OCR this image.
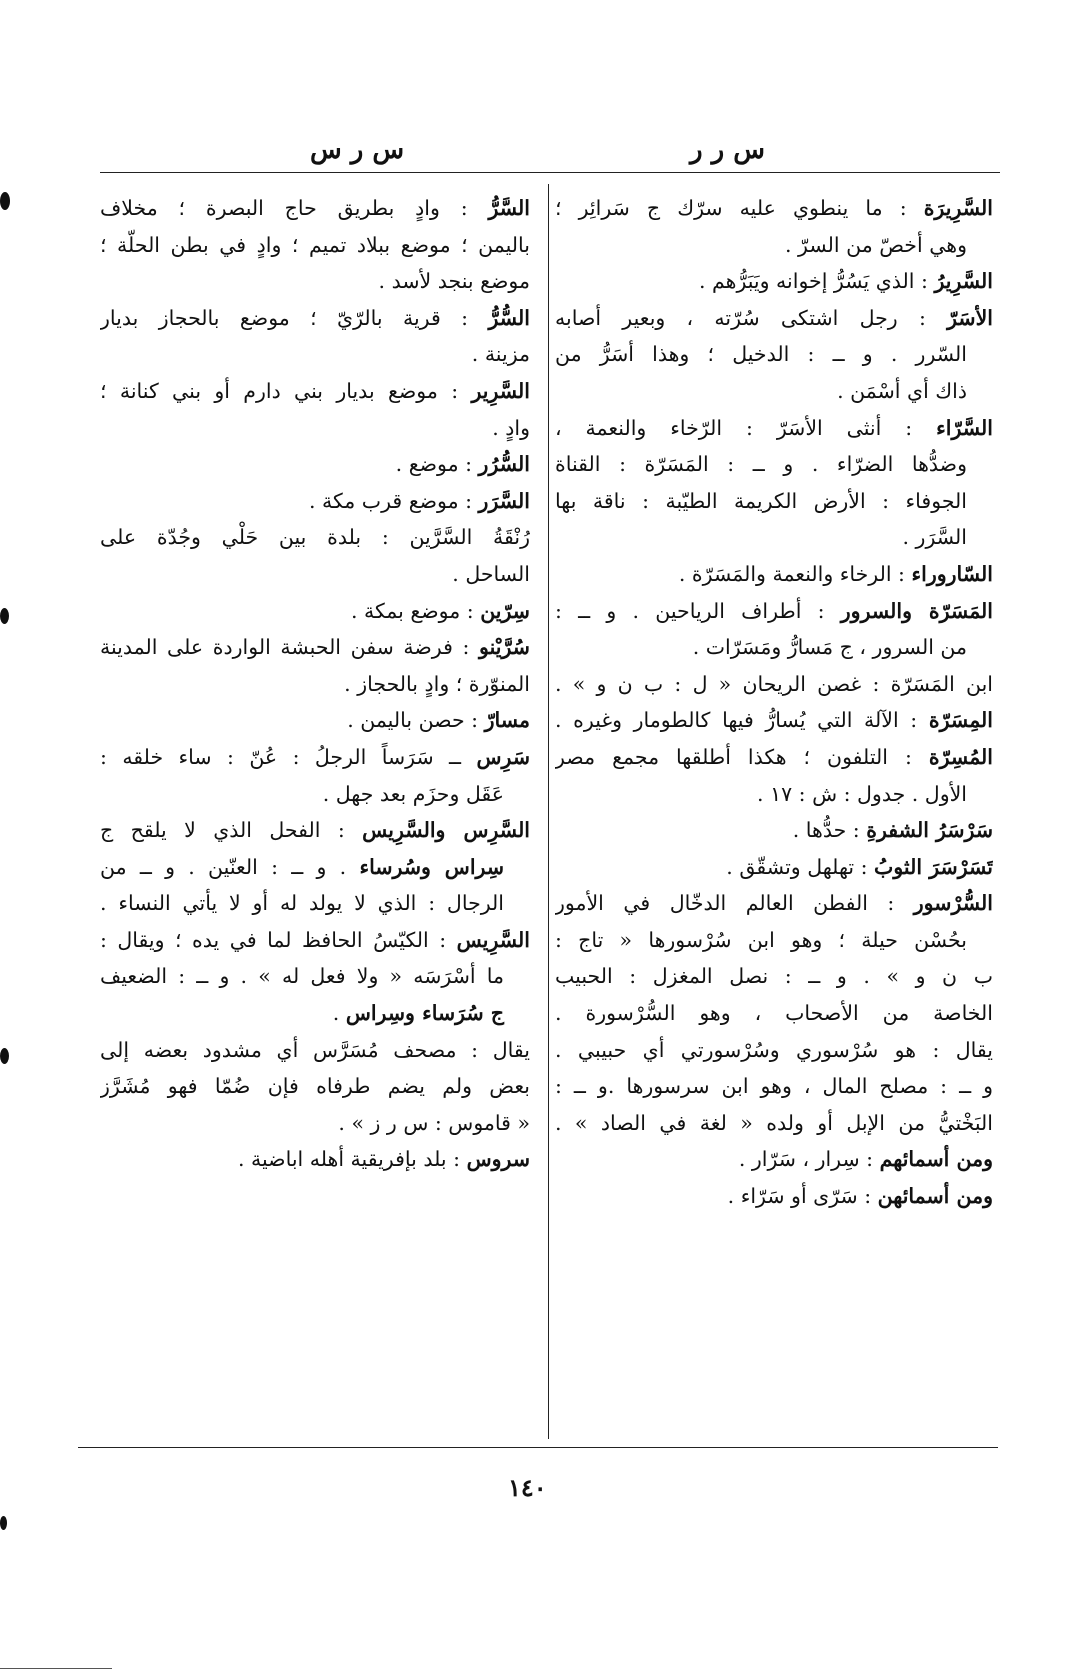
س ر س	س ر ر
السَّرِيرَة : ما ينطوي عليه سرّك ج سَرائِر ؛
وهي أخصّ من السرّ .
السَّرِيرُ : الذي يَسُرُّ إخوانه ويَبَرُّهم .
الأسَرّ : رجل اشتكى سُرّته ، وبعير أصابه
السّرر . و ــ : الدخيل ؛ وهذا أسَرُّ من
ذاك أي أسْمَن .
السَّرّاء : أنثى الأسَرّ : الرّخاء والنعمة ،
وضدُّها الضرّاء . و ــ : المَسَرّة : القناة
الجوفاء : الأرض الكريمة الطيّبة : ناقة بها
السَّرَر .
السّاروراء : الرخاء والنعمة والمَسَرّة .
المَسَرّة والسرور : أطراف الرياحين . و ــ :
من السرور ، ج مَسارُّ ومَسَرّات .
ابن المَسَرّة : غصن الريحان « ل : ب ن و » .
المِسَرّة : الآلة التي يُسارُّ فيها كالطومار وغيره .
المُسِرّة : التلفون ؛ هكذا أطلقها مجمع مصر
الأول . جدول : ش : ١٧ .
سَرْسَرُ الشفرةِ : حدُّها .
تَسَرْسَرَ الثوبُ : تهلهل وتشقّق .
السُّرْسور : الفطن العالم الدخّال في الأمور
بحُسْن حيلة ؛ وهو ابن سُرْسورها « تاج :
ب ن و » . و ــ : نصل المغزل : الحبيب
الخاصة من الأصحاب ، وهو السُّرْسورة .
يقال : هو سُرْسوري وسُرْسورتي أي حبيبي .
و ــ : مصلح المال ، وهو ابن سرسورها .و ــ :
البَخْتيُّ من الإبل أو ولده « لغة في الصاد » .
ومن أسمائهم : سِرار ، سَرّار .
ومن أسمائهن : سَرّى أو سَرّاء .
السَّرُّ : وادٍ بطريق حاج البصرة ؛ مخلاف
باليمن ؛ موضع ببلاد تميم ؛ وادٍ في بطن الحلّة ؛
موضع بنجد لأسد .
السُّرُّ : قرية بالرّيّ ؛ موضع بالحجاز بديار
مزينة .
السَّرِير : موضع بديار بني دارم أو بني كنانة ؛
وادٍ .
السُّرُر : موضع .
السَّرَر : موضع قرب مكة .
رُنْقَةُ السَّرَّين : بلدة بين حَلْي وجُدّة على
الساحل .
سِرّين : موضع بمكة .
سُرَّيْنو : فرضة سفن الحبشة الواردة على المدينة
المنوّرة ؛ وادٍ بالحجاز .
مسارّ : حصن باليمن .
سَرِس ــ سَرَساً الرجلُ : عُنّ : ساء خلقه :
عَقَل وحزَم بعد جهل .
السَّرِس والسَّرِيس : الفحل الذي لا يلقح ج
سِراس وسُرساء . و ــ : العنّين . و ــ من
الرجال : الذي لا يولد له أو لا يأتي النساء .
السَّرِيس : الكيّسُ الحافظ لما في يده ؛ ويقال :
ما أسْرَسَه « ولا فعل له » . و ــ : الضعيف
ج سُرَساء وسِراس .
يقال : مصحف مُسَرَّس أي مشدود بعضه إلى
بعض ولم يضم طرفاه فإن ضُمّا فهو مُشَرَّز
« قاموس : س ر ز » .
سروس : بلد بإفريقية أهله اباضية .
١٤٠
